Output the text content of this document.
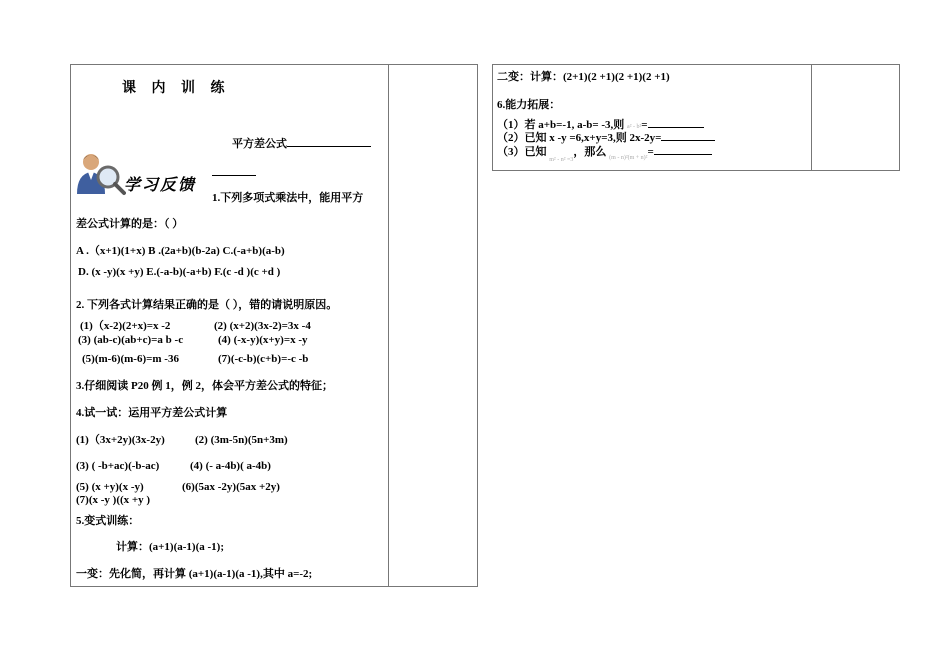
课 内 训 练
平方差公式
学习反馈
1.下列多项式乘法中，能用平方
差公式计算的是：（ ）
A .（x+1)(1+x) B .(2a+b)(b-2a) C.(-a+b)(a-b)
D. (x -y)(x +y) E.(-a-b)(-a+b) F.(c -d )(c +d )
2. 下列各式计算结果正确的是（ ），错的请说明原因。
(1)（x-2)(2+x)=x -2	(2) (x+2)(3x-2)=3x -4
(3) (ab-c)(ab+c)=a b -c	(4) (-x-y)(x+y)=x -y
(5)(m-6)(m-6)=m -36	(7)(-c-b)(c+b)=-c -b
3.仔细阅读 P20 例 1，例 2，体会平方差公式的特征；
4.试一试：运用平方差公式计算
(1)（3x+2y)(3x-2y)	(2) (3m-5n)(5n+3m)
(3) ( -b+ac)(-b-ac)	(4) (- a-4b)( a-4b)
(5) (x +y)(x -y)	(6)(5ax -2y)(5ax +2y)
(7)(x -y )((x +y )
5.变式训练：
计算：(a+1)(a-1)(a -1);
一变：先化简，再计算 (a+1)(a-1)(a -1),其中 a=-2;
二变：计算：(2+1)(2 +1)(2 +1)(2 +1)
6.能力拓展：
（1）若 a+b=-1, a-b= -3,则 a² - b²=
（2）已知 x -y =6,x+y=3,则 2x-2y=
（3）已知 $_{m^2 - n^2 =3}$，那么 $_{(m - n)^2(m + n)^2}$=
